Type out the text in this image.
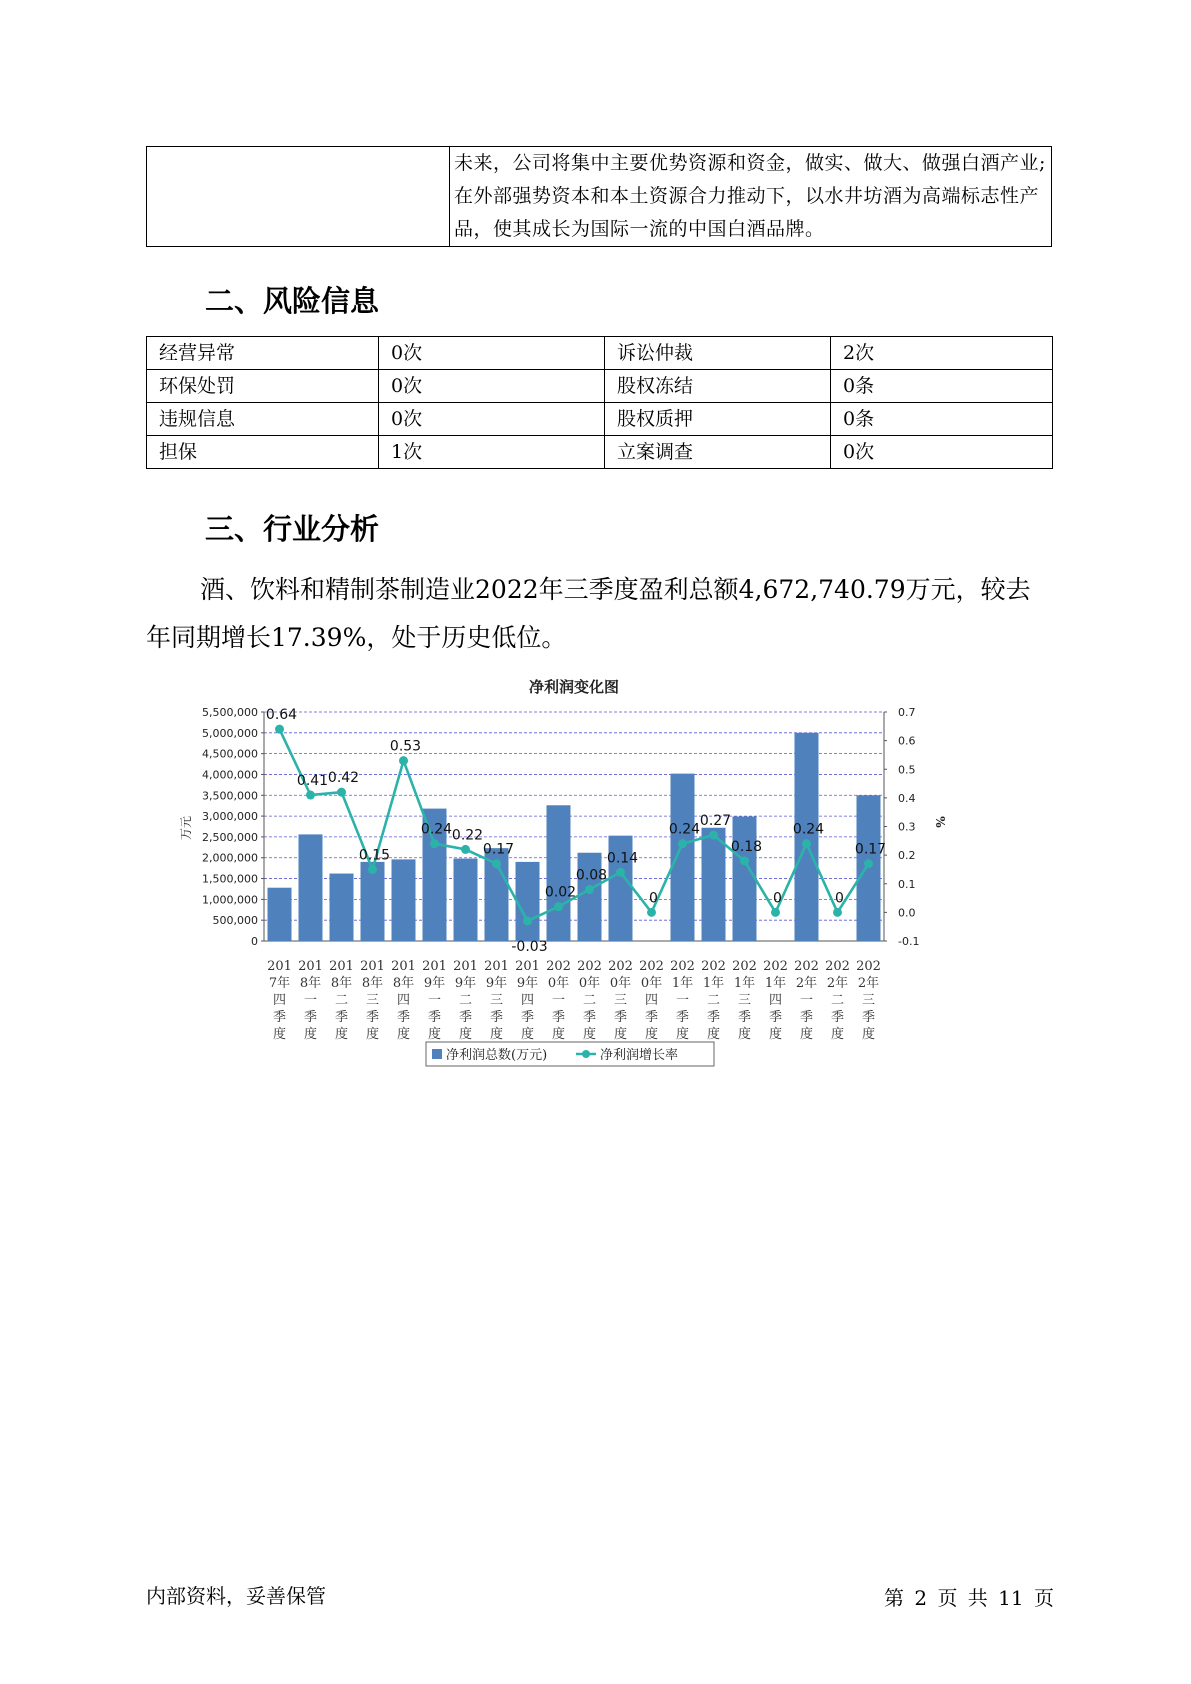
	未来，公司将集中主要优势资源和资金，做实、做大、做强白酒产业;在外部强势资本和本土资源合力推动下，以水井坊酒为高端标志性产品，使其成长为国际一流的中国白酒品牌。
二、风险信息
经营异常	0次	诉讼仲裁	2次
环保处罚	0次	股权冻结	0条
违规信息	0次	股权质押	0条
担保	1次	立案调查	0次
三、行业分析

酒、饮料和精制茶制造业2022年三季度盈利总额4,672,740.79万元，较去年同期增长17.39%，处于历史低位。

净利润变化图
0
500,000
1,000,000
1,500,000
2,000,000
2,500,000
3,000,000
3,500,000
4,000,000
4,500,000
5,000,000
5,500,000
-0.1
0.0
0.1
0.2
0.3
0.4
0.5
0.6
0.7
万元	%
201
7年
四
季
度
201
8年
一
季
度
201
8年
二
季
度
201
8年
三
季
度
201
8年
四
季
度
201
9年
一
季
度
201
9年
二
季
度
201
9年
三
季
度
201
9年
四
季
度
202
0年
一
季
度
202
0年
二
季
度
202
0年
三
季
度
202
0年
四
季
度
202
1年
一
季
度
202
1年
二
季
度
202
1年
三
季
度
202
1年
四
季
度
202
2年
一
季
度
202
2年
二
季
度
202
2年
三
季
度
0.64
0.41 0.42
0.15
0.53
0.24 0.22
0.17
-0.03
0.02
0.08
0.14
0
0.24
0.27
0.18
0
0.24
0
0.17
净利润总数(万元)	净利润增长率
内部资料，妥善保管	第 2 页 共 11 页
